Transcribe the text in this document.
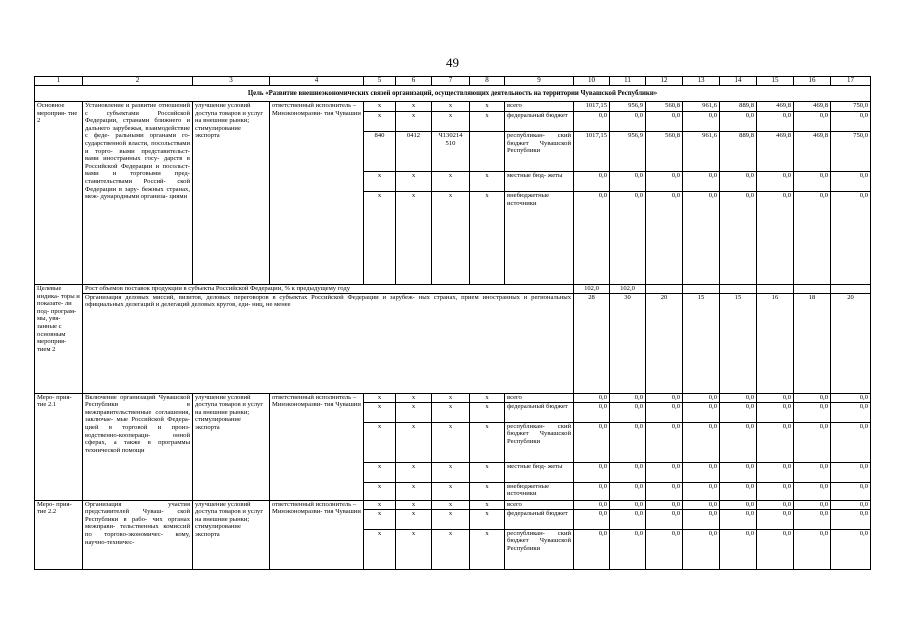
49
1	2	3	4	5	6	7	8	9	10	11	12	13	14	15	16	17
Цель «Развитие внешнеэкономических связей организаций, осуществляющих деятельность на территории Чувашской Республики»																
Основное мероприя- тие 2	Установление и развитие отношений с субъектами Российской Федерации, странами ближнего и дальнего зарубежья, взаимодействие с феде- ральными органами го- сударственной власти, посольствами и торго- выми представительст- вами иностранных госу- дарств в Российской Федерации и посольст- вами и торговыми пред- ставительствами Россий- ской Федерации в зару- бежных странах, меж- дународными организа- циями	улучшение условий доступа товаров и услуг на внешние рынки; стимулирование экспорта	ответственный исполнитель – Минэкономразви- тия Чувашии	x	x	x	x	всего	1017,15	956,9	560,8	961,6	889,8	469,8	469,8	750,0
				x	x	x	x	федеральный бюджет	0,0	0,0	0,0	0,0	0,0	0,0	0,0	0,0
				840	0412	Ч130214 510		республикан- ский бюджет Чувашской Республики	1017,15	956,9	560,8	961,6	889,8	469,8	469,8	750,0
				x	x	x	x	местные бюд- жеты	0,0	0,0	0,0	0,0	0,0	0,0	0,0	0,0
				x	x	x	x	внебюджетные источники	0,0	0,0	0,0	0,0	0,0	0,0	0,0	0,0
Целевые индика- торы и показате- ли под- програм- мы, увя- занные с основным мероприя- тием 2	Рост объемов поставок продукции в субъекты Российской Федерации, % к предыдущему году								102,0	102,0						
	Организация деловых миссий, визитов, деловых переговоров в субъектах Российской Федерации и зарубеж- ных странах, прием иностранных и региональных официальных делегаций и делегаций деловых кругов, еди- ниц, не менее								28	30	20	15	15	16	18	20
Меро- прия- тие 2.1	Включение организаций Чувашской Республики в межправительственные соглашения, заключае- мые Российской Федера- цией в торговой и произ- водственно-кооперaци- онной сферах, а также в программы технической помощи	улучшение условий доступа товаров и услуг на внешние рынки; стимулирование экспорта	ответственный исполнитель – Минэкономразви- тия Чувашии	x	x	x	x	всего	0,0	0,0	0,0	0,0	0,0	0,0	0,0	0,0
				x	x	x	x	федеральный бюджет	0,0	0,0	0,0	0,0	0,0	0,0	0,0	0,0
				x	x	x	x	республикан- ский бюджет Чувашской Республики	0,0	0,0	0,0	0,0	0,0	0,0	0,0	0,0
				x	x	x	x	местные бюд- жеты	0,0	0,0	0,0	0,0	0,0	0,0	0,0	0,0
				x	x	x	x	внебюджетные источники	0,0	0,0	0,0	0,0	0,0	0,0	0,0	0,0
Меро- прия- тие 2.2	Организация участия представителей Чуваш- ской Республики в рабо- чих органах межправи- тельственных комиссий по торгово-экономичес- кому, научно-техничес-	улучшение условий доступа товаров и услуг на внешние рынки; стимулирование экспорта	ответственный исполнитель – Минэкономразви- тия Чувашии	x	x	x	x	всего	0,0	0,0	0,0	0,0	0,0	0,0	0,0	0,0
				x	x	x	x	федеральный бюджет	0,0	0,0	0,0	0,0	0,0	0,0	0,0	0,0
				x	x	x	x	республикан- ский бюджет Чувашской Республики	0,0	0,0	0,0	0,0	0,0	0,0	0,0	0,0
